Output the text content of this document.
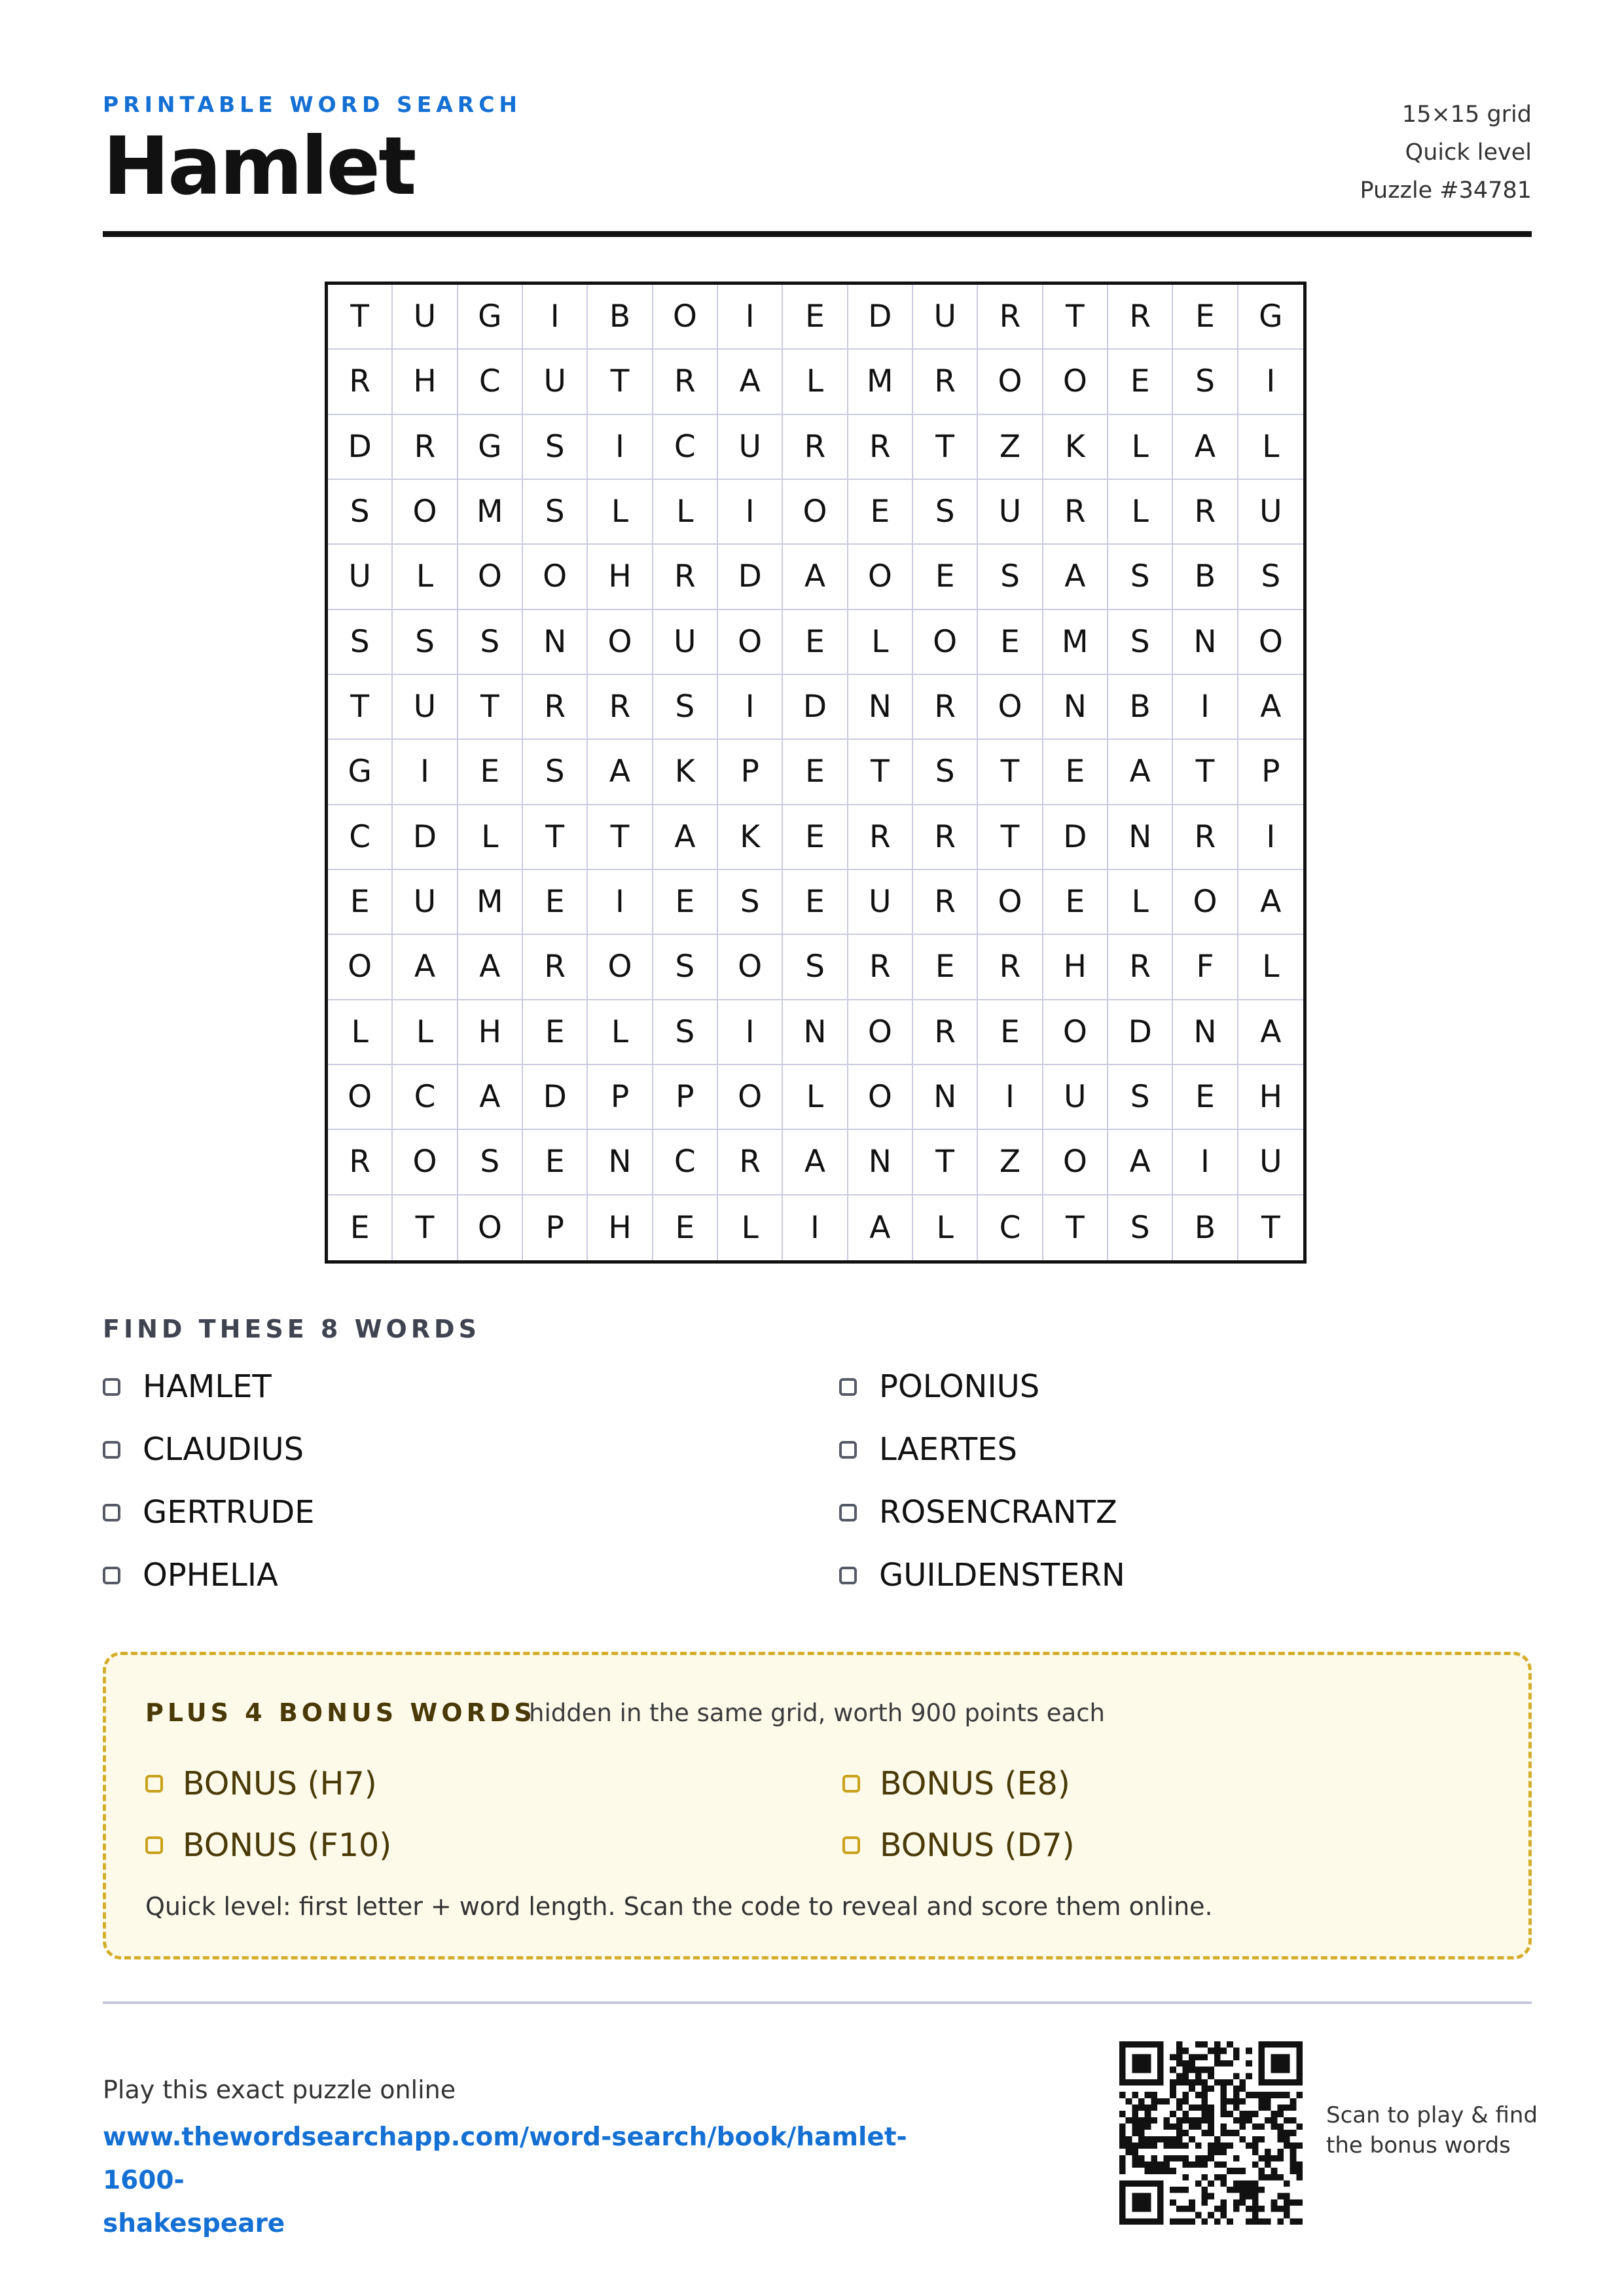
PRINTABLE WORD SEARCH
Hamlet
15×15 grid
Quick level
Puzzle #34781
T	U	G	I	B	O	I	E	D	U	R	T	R	E	G
R	H	C	U	T	R	A	L	M	R	O	O	E	S	I
D	R	G	S	I	C	U	R	R	T	Z	K	L	A	L
S	O	M	S	L	L	I	O	E	S	U	R	L	R	U
U	L	O	O	H	R	D	A	O	E	S	A	S	B	S
S	S	S	N	O	U	O	E	L	O	E	M	S	N	O
T	U	T	R	R	S	I	D	N	R	O	N	B	I	A
G	I	E	S	A	K	P	E	T	S	T	E	A	T	P
C	D	L	T	T	A	K	E	R	R	T	D	N	R	I
E	U	M	E	I	E	S	E	U	R	O	E	L	O	A
O	A	A	R	O	S	O	S	R	E	R	H	R	F	L
L	L	H	E	L	S	I	N	O	R	E	O	D	N	A
O	C	A	D	P	P	O	L	O	N	I	U	S	E	H
R	O	S	E	N	C	R	A	N	T	Z	O	A	I	U
E	T	O	P	H	E	L	I	A	L	C	T	S	B	T
FIND THESE 8 WORDS
HAMLET
CLAUDIUS
GERTRUDE
OPHELIA
POLONIUS
LAERTES
ROSENCRANTZ
GUILDENSTERN
PLUS 4 BONUS WORDS
hidden in the same grid, worth 900 points each
BONUS (H7)
BONUS (F10)
BONUS (E8)
BONUS (D7)
Quick level: first letter + word length. Scan the code to reveal and score them online.
Play this exact puzzle online
www.thewordsearchapp.com/word-search/book/hamlet-1600-
shakespeare
Scan to play & find
the bonus words
